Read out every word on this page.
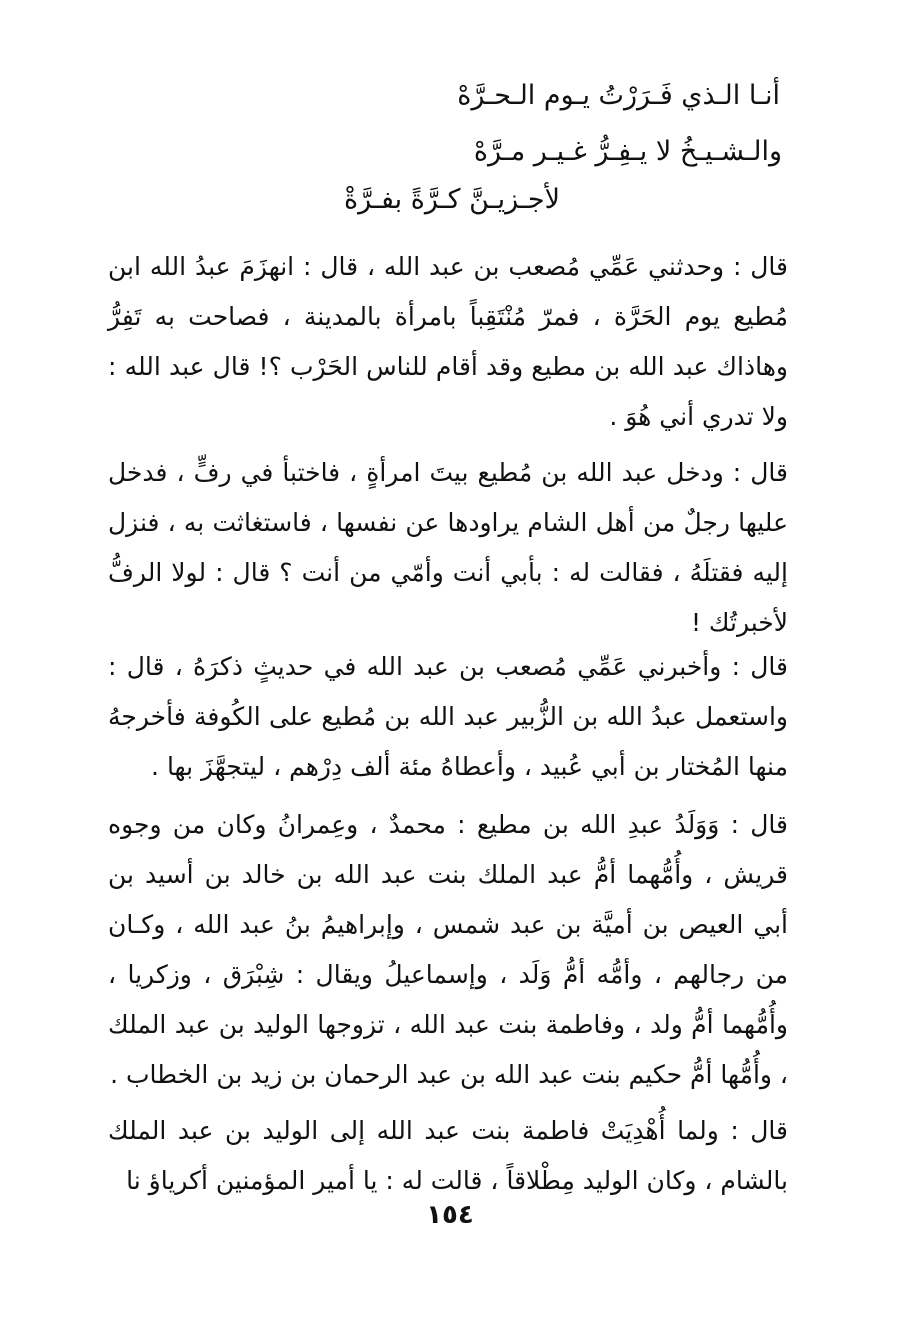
أنـا الـذي فَـرَرْتُ يـوم الـحـرَّهْ
والـشـيـخُ لا يـفِـرُّ غـيـر مـرَّهْ
لأجـزيـنَّ كـرَّةً بفـرَّةْ

قال : وحدثني عَمِّي مُصعب بن عبد الله ، قال : انهزَمَ عبدُ الله ابن مُطيع يوم الحَرَّة ، فمرّ مُنْتَقِباً بامرأة بالمدينة ، فصاحت به تَفِرُّ وهاذاك عبد الله بن مطيع وقد أقام للناس الحَرْب ؟! قال عبد الله : ولا تدري أني هُوَ .

قال : ودخل عبد الله بن مُطيع بيتَ امرأةٍ ، فاختبأ في رفٍّ ، فدخل عليها رجلٌ من أهل الشام يراودها عن نفسها ، فاستغاثت به ، فنزل إليه فقتلَهُ ، فقالت له : بأبي أنت وأمّي من أنت ؟ قال : لولا الرفُّ لأخبرتُك !

قال : وأخبرني عَمِّي مُصعب بن عبد الله في حديثٍ ذكرَهُ ، قال : واستعمل عبدُ الله بن الزُّبير عبد الله بن مُطيع على الكُوفة فأخرجهُ منها المُختار بن أبي عُبيد ، وأعطاهُ مئة ألف دِرْهم ، ليتجهَّزَ بها .

قال : وَوَلَدُ عبدِ الله بن مطيع : محمدٌ ، وعِمرانُ وكان من وجوه قريش ، وأُمُّهما أمُّ عبد الملك بنت عبد الله بن خالد بن أسيد بن أبي العيص بن أميَّة بن عبد شمس ، وإبراهيمُ بنُ عبد الله ، وكـان من رجالهم ، وأمُّه أمُّ وَلَد ، وإسماعيلُ ويقال : شِبْرَق ، وزكريا ، وأُمُّهما أمُّ ولد ، وفاطمة بنت عبد الله ، تزوجها الوليد بن عبد الملك ، وأُمُّها أمُّ حكيم بنت عبد الله بن عبد الرحمان بن زيد بن الخطاب .

قال : ولما أُهْدِيَتْ فاطمة بنت عبد الله إلى الوليد بن عبد الملك بالشام ، وكان الوليد مِطْلاقاً ، قالت له : يا أمير المؤمنين أكرياؤ نا

١٥٤
